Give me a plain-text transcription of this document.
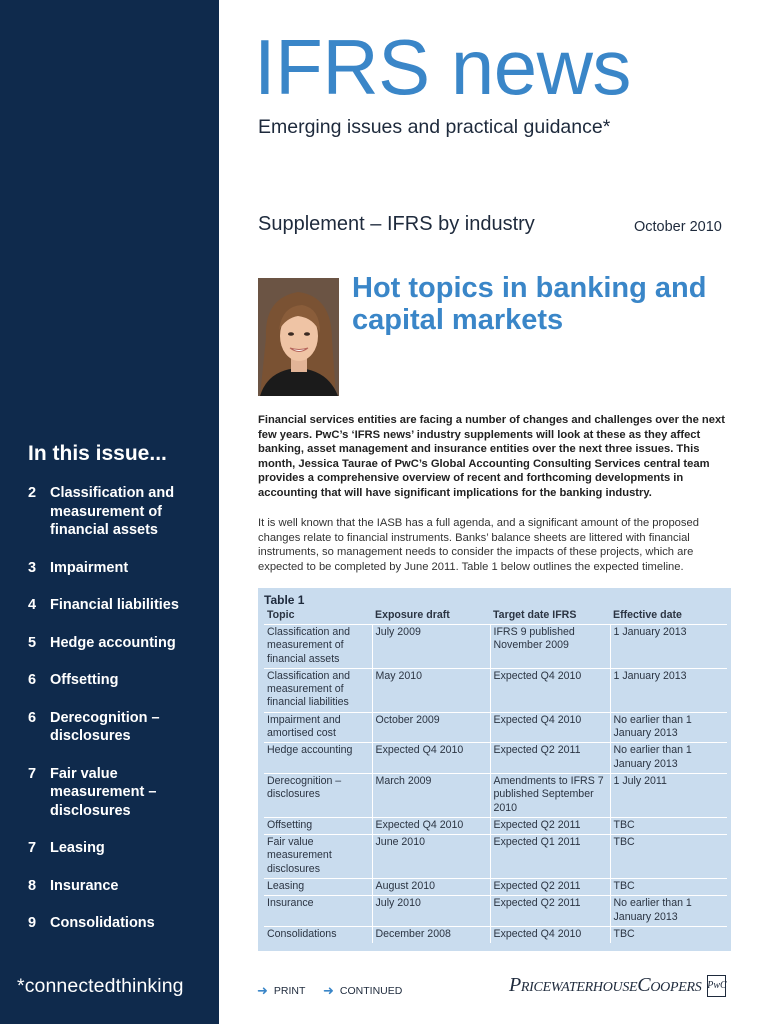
In this issue...
2 Classification and measurement of financial assets
3 Impairment
4 Financial liabilities
5 Hedge accounting
6 Offsetting
6 Derecognition – disclosures
7 Fair value measurement – disclosures
7 Leasing
8 Insurance
9 Consolidations
*connectedthinking
IFRS news
Emerging issues and practical guidance*
Supplement – IFRS by industry	October 2010
Hot topics in banking and capital markets

Financial services entities are facing a number of changes and challenges over the next few years. PwC’s ‘IFRS news’ industry supplements will look at these as they affect banking, asset management and insurance entities over the next three issues. This month, Jessica Taurae of PwC’s Global Accounting Consulting Services central team provides a comprehensive overview of recent and forthcoming developments in accounting that will have significant implications for the banking industry.

It is well known that the IASB has a full agenda, and a significant amount of the proposed changes relate to financial instruments. Banks’ balance sheets are littered with financial instruments, so management needs to consider the impacts of these projects, which are expected to be completed by June 2011. Table 1 below outlines the expected timeline.

Table 1
Topic	Exposure draft	Target date IFRS	Effective date
Classification and measurement of financial assets	July 2009	IFRS 9 published November 2009	1 January 2013
Classification and measurement of financial liabilities	May 2010	Expected Q4 2010	1 January 2013
Impairment and amortised cost	October 2009	Expected Q4 2010	No earlier than 1 January 2013
Hedge accounting	Expected Q4 2010	Expected Q2 2011	No earlier than 1 January 2013
Derecognition – disclosures	March 2009	Amendments to IFRS 7 published September 2010	1 July 2011
Offsetting	Expected Q4 2010	Expected Q2 2011	TBC
Fair value measurement disclosures	June 2010	Expected Q1 2011	TBC
Leasing	August 2010	Expected Q2 2011	TBC
Insurance	July 2010	Expected Q2 2011	No earlier than 1 January 2013
Consolidations	December 2008	Expected Q4 2010	TBC
➜ PRINT ➜ CONTINUED	PricewaterhouseCoopers PwC
